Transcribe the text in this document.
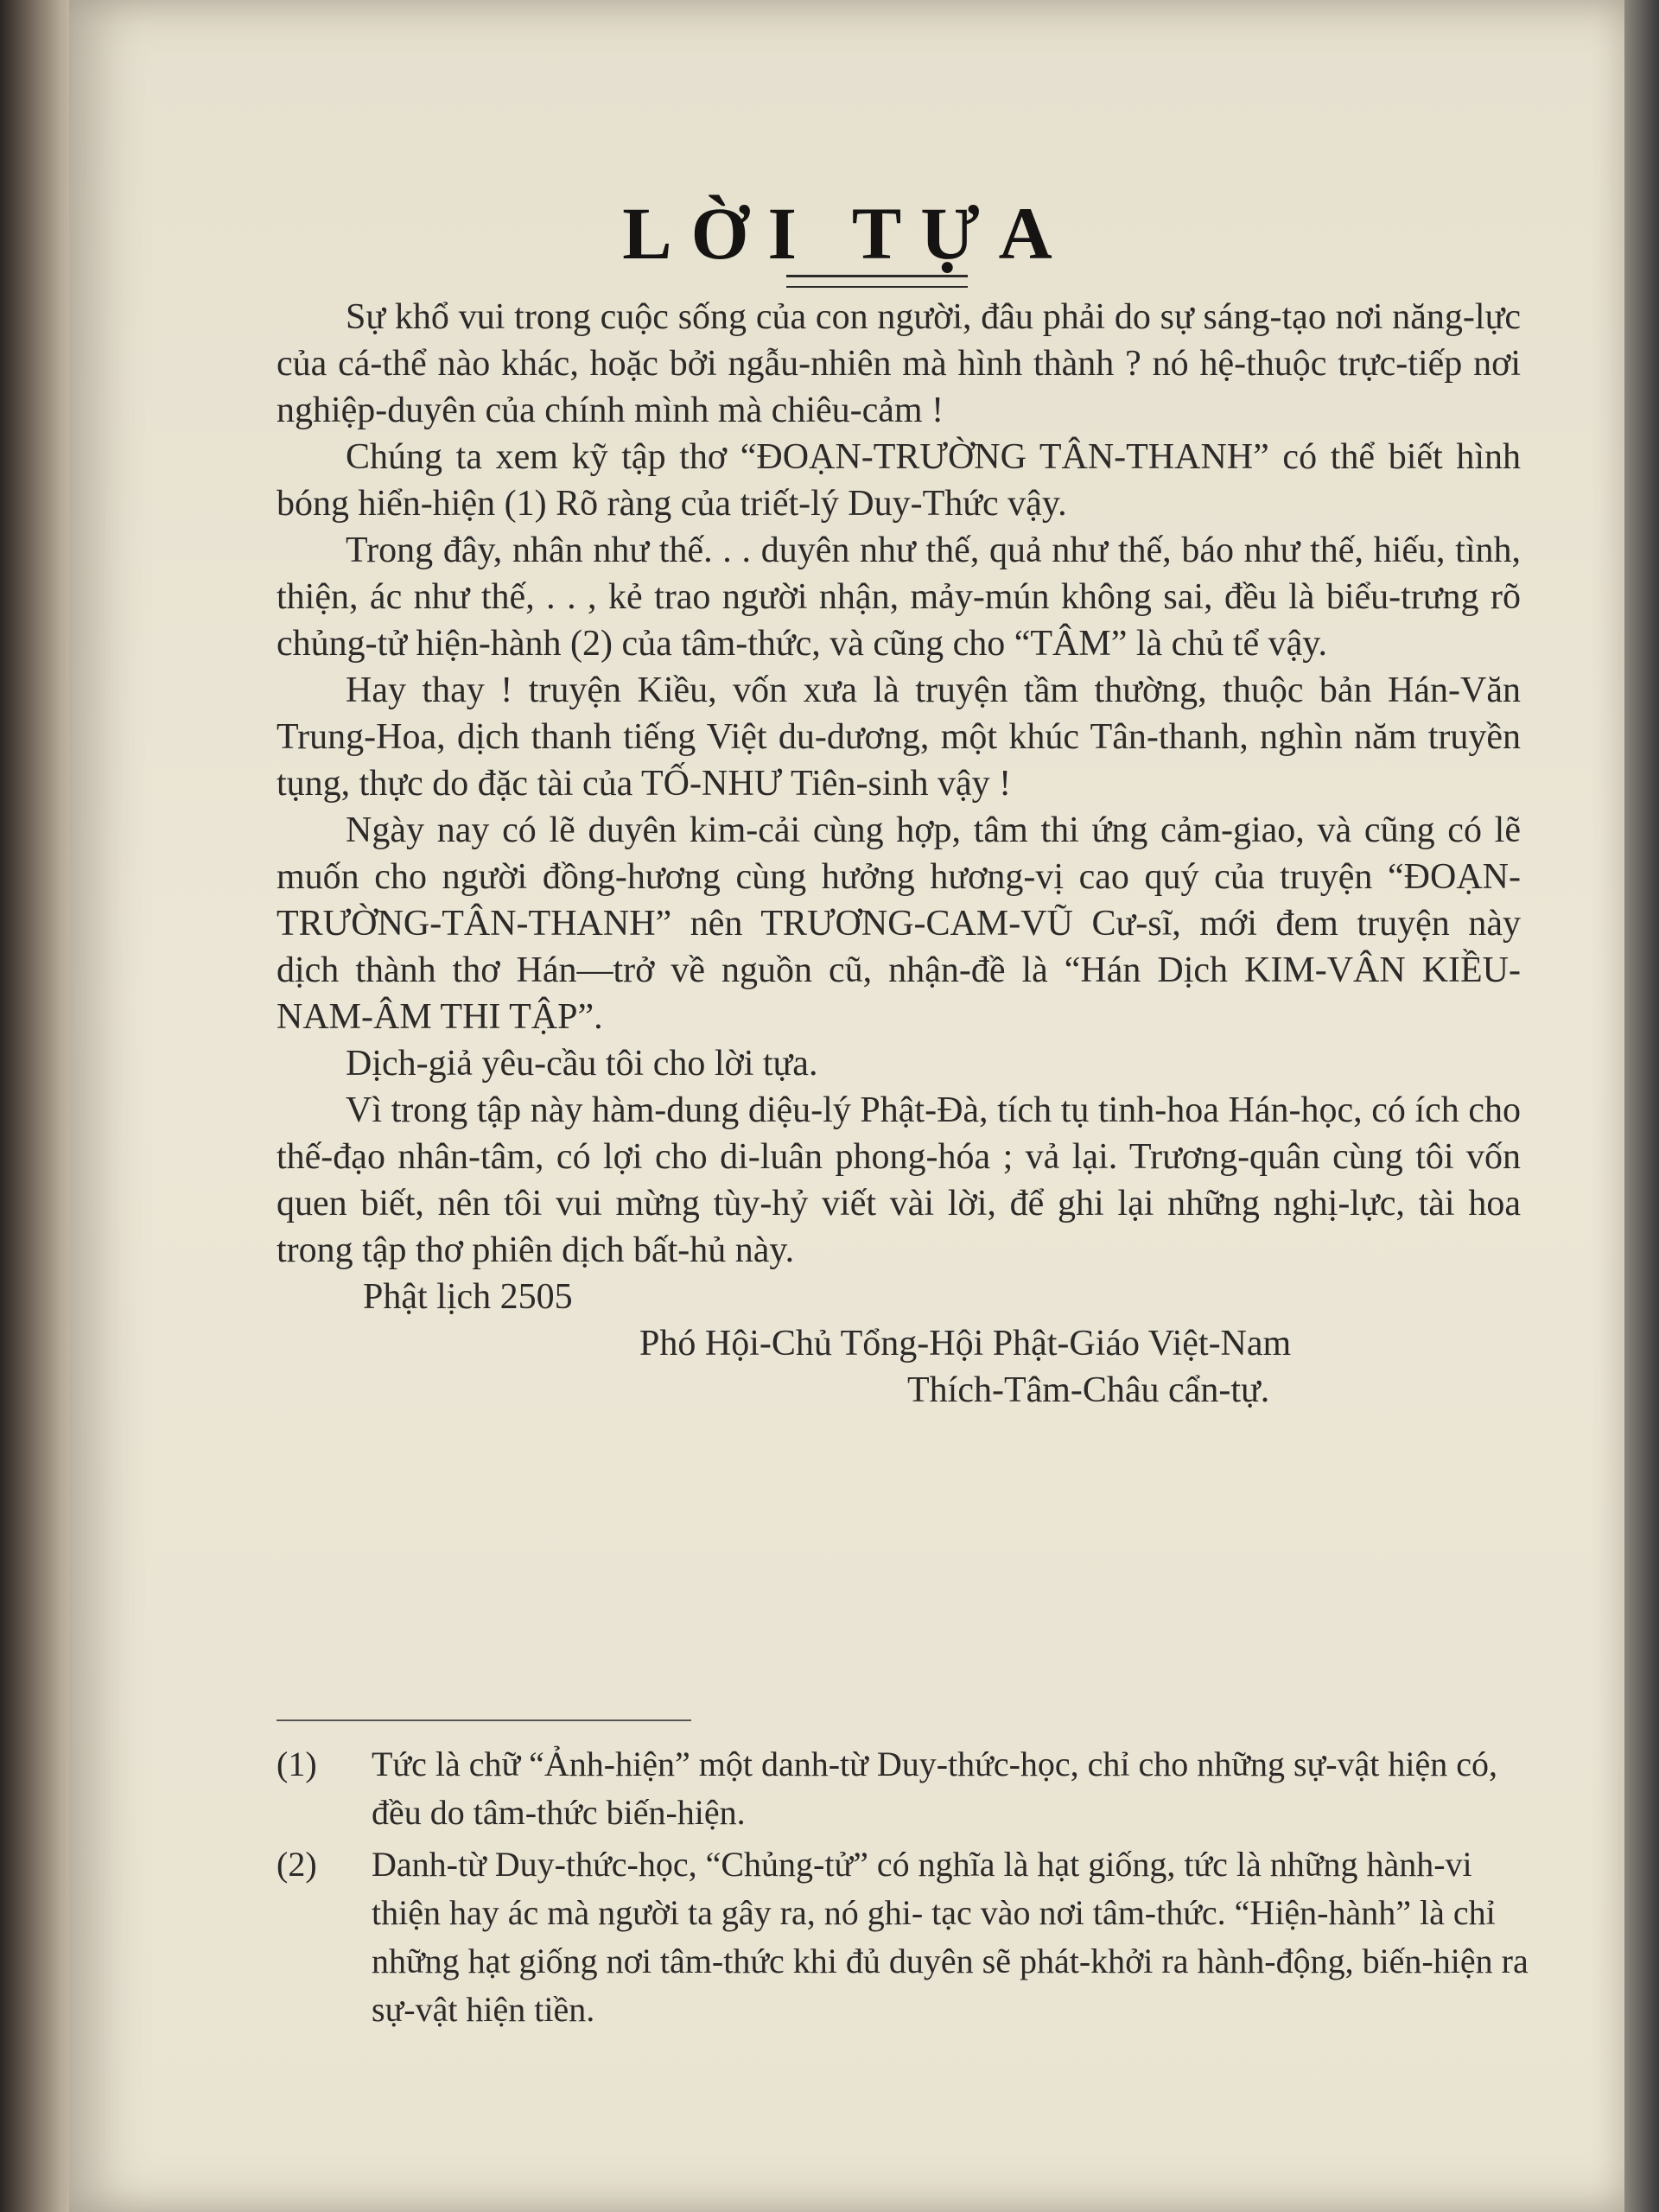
LỜI TỰA

Sự khổ vui trong cuộc sống của con người, đâu phải do sự sáng-tạo nơi năng-lực của cá-thể nào khác, hoặc bởi ngẫu-nhiên mà hình thành ? nó hệ-thuộc trực-tiếp nơi nghiệp-duyên của chính mình mà chiêu-cảm !

Chúng ta xem kỹ tập thơ “ĐOẠN-TRƯỜNG TÂN-THANH” có thể biết hình bóng hiển-hiện (1) Rõ ràng của triết-lý Duy-Thức vậy.

Trong đây, nhân như thế. . . duyên như thế, quả như thế, báo như thế, hiếu, tình, thiện, ác như thế, . . , kẻ trao người nhận, mảy-mún không sai, đều là biểu-trưng rõ chủng-tử hiện-hành (2) của tâm-thức, và cũng cho “TÂM” là chủ tể vậy.

Hay thay ! truyện Kiều, vốn xưa là truyện tầm thường, thuộc bản Hán-Văn Trung-Hoa, dịch thanh tiếng Việt du-dương, một khúc Tân-thanh, nghìn năm truyền tụng, thực do đặc tài của TỐ-NHƯ Tiên-sinh vậy !

Ngày nay có lẽ duyên kim-cải cùng hợp, tâm thi ứng cảm-giao, và cũng có lẽ muốn cho người đồng-hương cùng hưởng hương-vị cao quý của truyện “ĐOẠN-TRƯỜNG-TÂN-THANH” nên TRƯƠNG-CAM-VŨ Cư-sĩ, mới đem truyện này dịch thành thơ Hán—trở về nguồn cũ, nhận-đề là “Hán Dịch KIM-VÂN KIỀU-NAM-ÂM THI TẬP”.

Dịch-giả yêu-cầu tôi cho lời tựa.

Vì trong tập này hàm-dung diệu-lý Phật-Đà, tích tụ tinh-hoa Hán-học, có ích cho thế-đạo nhân-tâm, có lợi cho di-luân phong-hóa ; vả lại. Trương-quân cùng tôi vốn quen biết, nên tôi vui mừng tùy-hỷ viết vài lời, để ghi lại những nghị-lực, tài hoa trong tập thơ phiên dịch bất-hủ này.

Phật lịch 2505
Phó Hội-Chủ Tổng-Hội Phật-Giáo Việt-Nam
Thích-Tâm-Châu cẩn-tự.
(1)	Tức là chữ “Ảnh-hiện” một danh-từ Duy-thức-học, chỉ cho những sự-vật hiện có, đều do tâm-thức biến-hiện.
(2)	Danh-từ Duy-thức-học, “Chủng-tử” có nghĩa là hạt giống, tức là những hành-vi thiện hay ác mà người ta gây ra, nó ghi- tạc vào nơi tâm-thức. “Hiện-hành” là chỉ những hạt giống nơi tâm-thức khi đủ duyên sẽ phát-khởi ra hành-động, biến-hiện ra sự-vật hiện tiền.
